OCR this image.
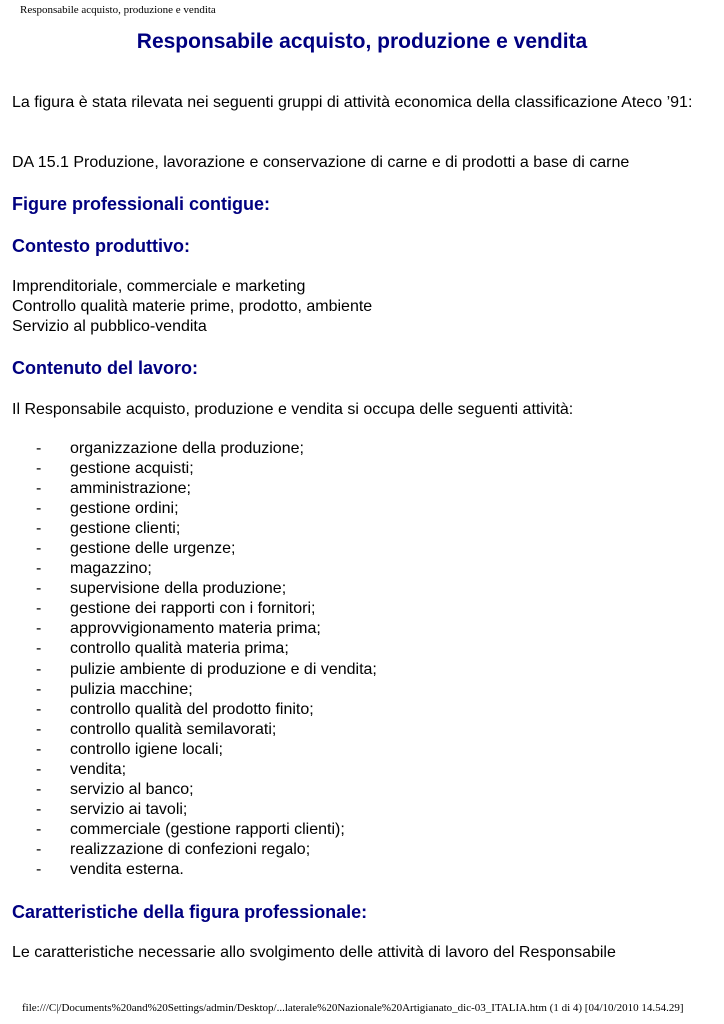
Responsabile acquisto, produzione e vendita
Responsabile acquisto, produzione e vendita
La figura è stata rilevata nei seguenti gruppi di attività economica della classificazione Ateco ’91:
DA 15.1 Produzione, lavorazione e conservazione di carne e di prodotti a base di carne
Figure professionali contigue:
Contesto produttivo:
Imprenditoriale, commerciale e marketing
Controllo qualità materie prime, prodotto, ambiente
Servizio al pubblico-vendita
Contenuto del lavoro:
Il Responsabile acquisto, produzione e vendita si occupa delle seguenti attività:
- organizzazione della produzione;
- gestione acquisti;
- amministrazione;
- gestione ordini;
- gestione clienti;
- gestione delle urgenze;
- magazzino;
- supervisione della produzione;
- gestione dei rapporti con i fornitori;
- approvvigionamento materia prima;
- controllo qualità materia prima;
- pulizie ambiente di produzione e di vendita;
- pulizia macchine;
- controllo qualità del prodotto finito;
- controllo qualità semilavorati;
- controllo igiene locali;
- vendita;
- servizio al banco;
- servizio ai tavoli;
- commerciale (gestione rapporti clienti);
- realizzazione di confezioni regalo;
- vendita esterna.
Caratteristiche della figura professionale:
Le caratteristiche necessarie allo svolgimento delle attività di lavoro del Responsabile
file:///C|/Documents%20and%20Settings/admin/Desktop/...laterale%20Nazionale%20Artigianato_dic-03_ITALIA.htm (1 di 4) [04/10/2010 14.54.29]
